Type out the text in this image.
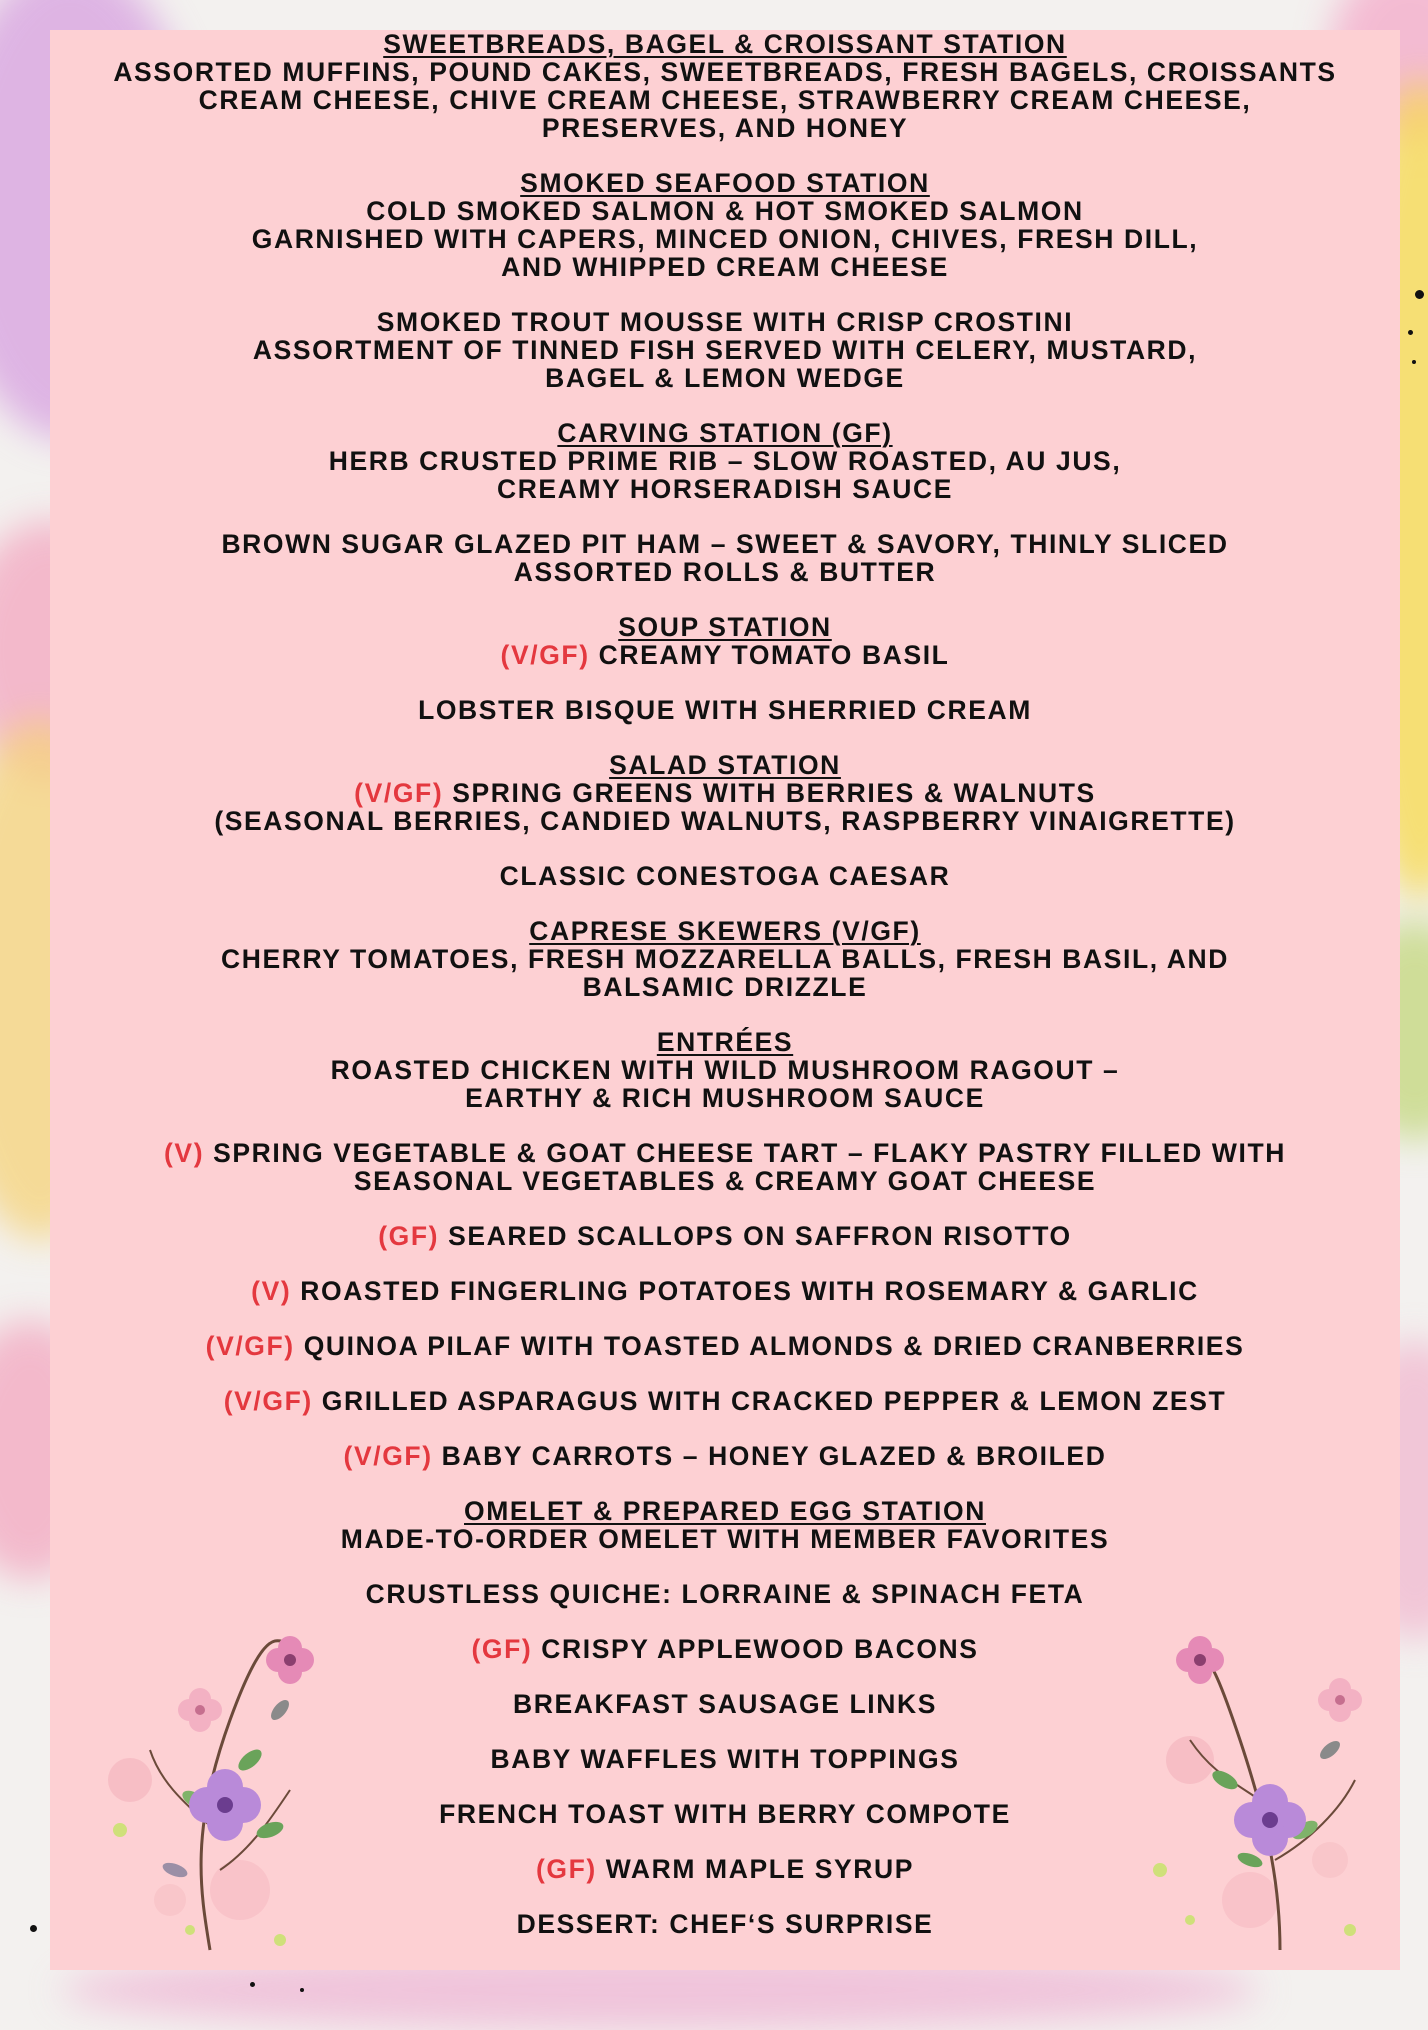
SWEETBREADS, BAGEL & CROISSANT STATION
ASSORTED MUFFINS, POUND CAKES, SWEETBREADS, FRESH BAGELS, CROISSANTS
CREAM CHEESE, CHIVE CREAM CHEESE, STRAWBERRY CREAM CHEESE,
PRESERVES, AND HONEY
SMOKED SEAFOOD STATION
COLD SMOKED SALMON & HOT SMOKED SALMON
GARNISHED WITH CAPERS, MINCED ONION, CHIVES, FRESH DILL,
AND WHIPPED CREAM CHEESE
SMOKED TROUT MOUSSE WITH CRISP CROSTINI
ASSORTMENT OF TINNED FISH SERVED WITH CELERY, MUSTARD,
BAGEL & LEMON WEDGE
CARVING STATION (GF)
HERB CRUSTED PRIME RIB – SLOW ROASTED, AU JUS,
CREAMY HORSERADISH SAUCE
BROWN SUGAR GLAZED PIT HAM – SWEET & SAVORY, THINLY SLICED
ASSORTED ROLLS & BUTTER
SOUP STATION
(V/GF) CREAMY TOMATO BASIL
LOBSTER BISQUE WITH SHERRIED CREAM
SALAD STATION
(V/GF) SPRING GREENS WITH BERRIES & WALNUTS
(SEASONAL BERRIES, CANDIED WALNUTS, RASPBERRY VINAIGRETTE)
CLASSIC CONESTOGA CAESAR
CAPRESE SKEWERS (V/GF)
CHERRY TOMATOES, FRESH MOZZARELLA BALLS, FRESH BASIL, AND
BALSAMIC DRIZZLE
ENTRÉES
ROASTED CHICKEN WITH WILD MUSHROOM RAGOUT –
EARTHY & RICH MUSHROOM SAUCE
(V) SPRING VEGETABLE & GOAT CHEESE TART – FLAKY PASTRY FILLED WITH
SEASONAL VEGETABLES & CREAMY GOAT CHEESE
(GF) SEARED SCALLOPS ON SAFFRON RISOTTO
(V) ROASTED FINGERLING POTATOES WITH ROSEMARY & GARLIC
(V/GF) QUINOA PILAF WITH TOASTED ALMONDS & DRIED CRANBERRIES
(V/GF) GRILLED ASPARAGUS WITH CRACKED PEPPER & LEMON ZEST
(V/GF) BABY CARROTS – HONEY GLAZED & BROILED
OMELET & PREPARED EGG STATION
MADE-TO-ORDER OMELET WITH MEMBER FAVORITES
CRUSTLESS QUICHE: LORRAINE & SPINACH FETA
(GF) CRISPY APPLEWOOD BACONS
BREAKFAST SAUSAGE LINKS
BABY WAFFLES WITH TOPPINGS
FRENCH TOAST WITH BERRY COMPOTE
(GF) WARM MAPLE SYRUP
DESSERT: CHEF‘S SURPRISE
